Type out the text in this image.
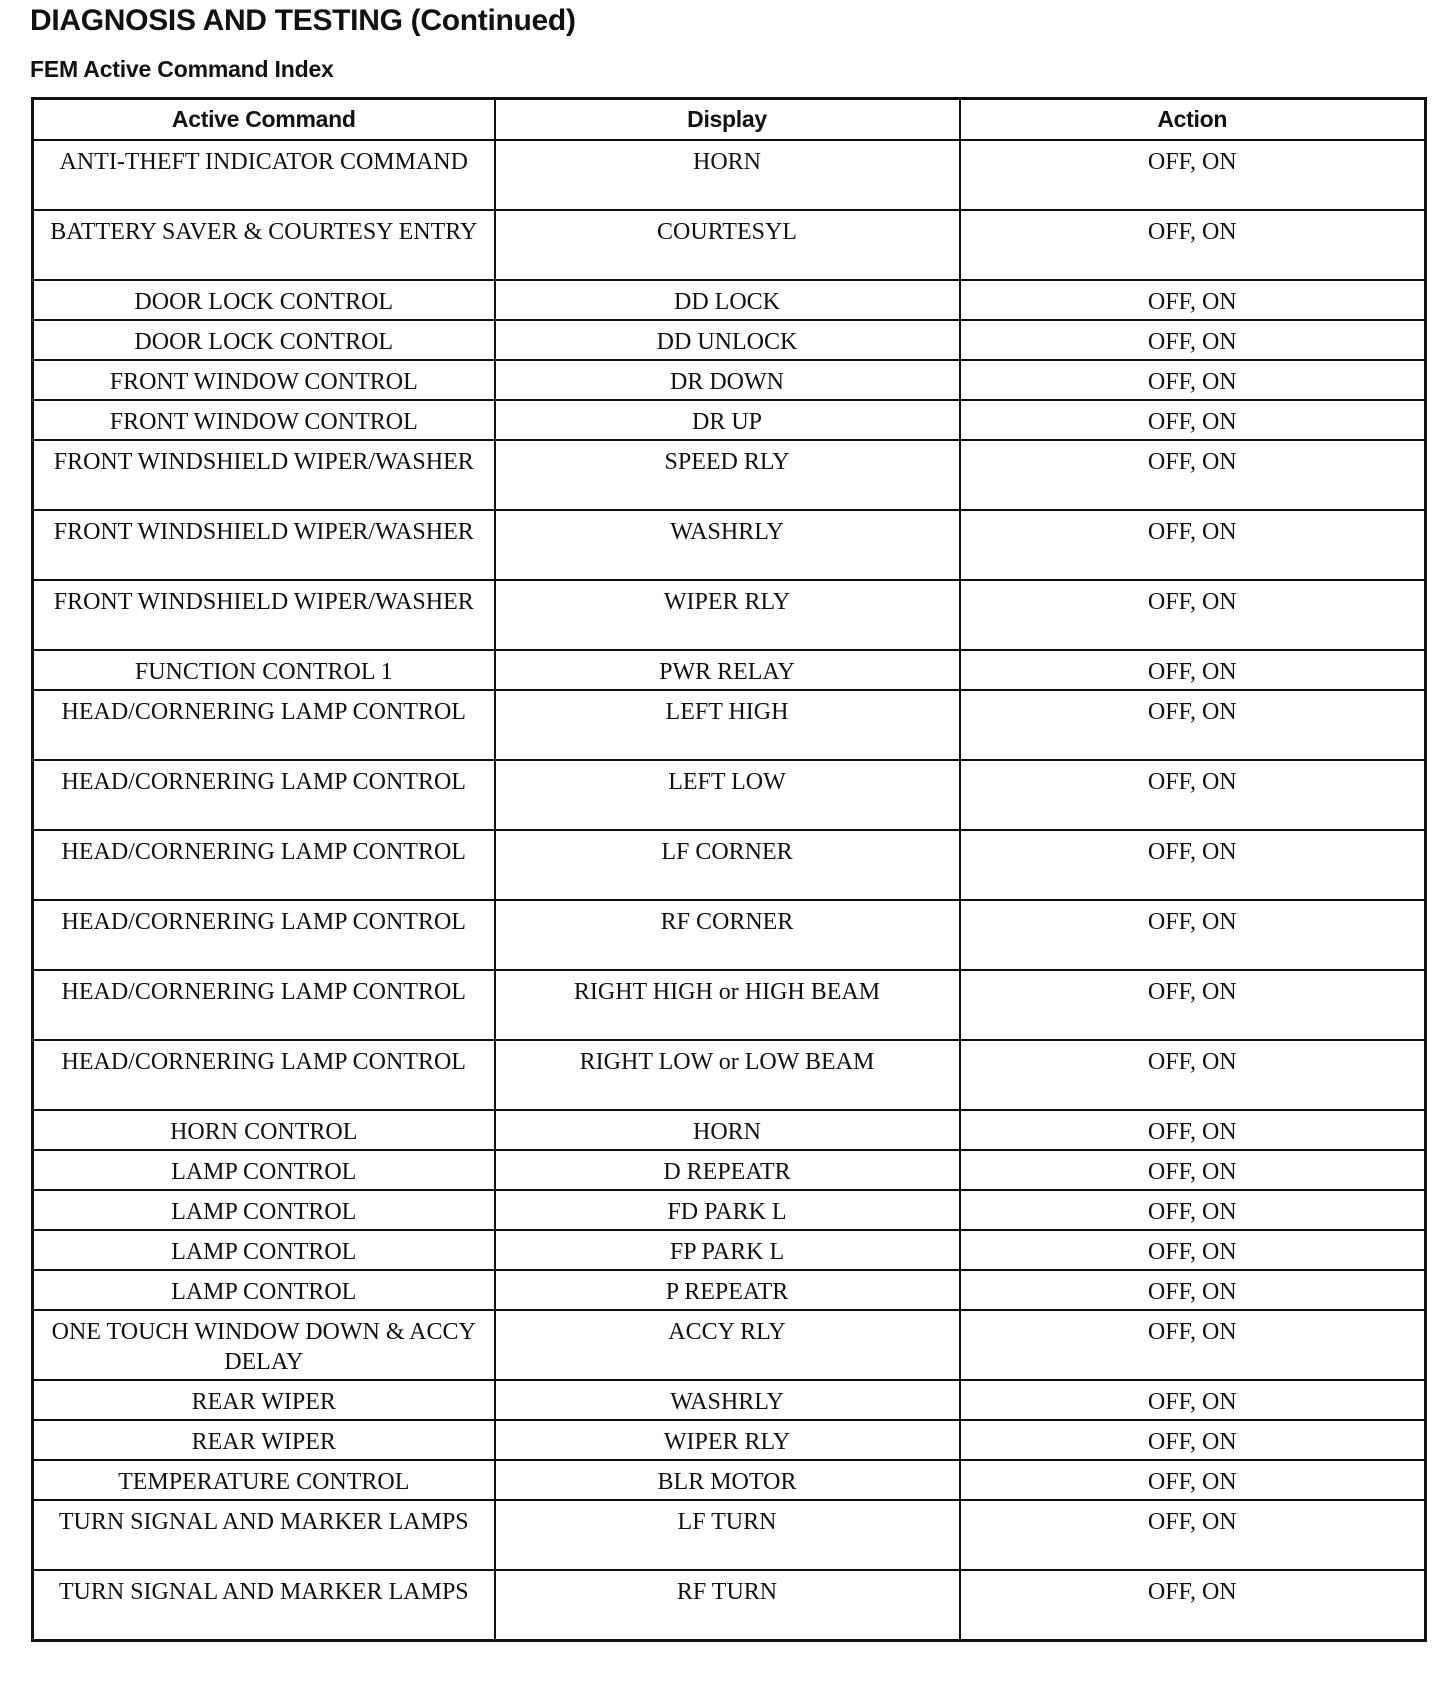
DIAGNOSIS AND TESTING (Continued)
FEM Active Command Index
Active Command	Display	Action
ANTI-THEFT INDICATOR COMMAND	HORN	OFF, ON
BATTERY SAVER & COURTESY ENTRY	COURTESYL	OFF, ON
DOOR LOCK CONTROL	DD LOCK	OFF, ON
DOOR LOCK CONTROL	DD UNLOCK	OFF, ON
FRONT WINDOW CONTROL	DR DOWN	OFF, ON
FRONT WINDOW CONTROL	DR UP	OFF, ON
FRONT WINDSHIELD WIPER/WASHER	SPEED RLY	OFF, ON
FRONT WINDSHIELD WIPER/WASHER	WASHRLY	OFF, ON
FRONT WINDSHIELD WIPER/WASHER	WIPER RLY	OFF, ON
FUNCTION CONTROL 1	PWR RELAY	OFF, ON
HEAD/CORNERING LAMP CONTROL	LEFT HIGH	OFF, ON
HEAD/CORNERING LAMP CONTROL	LEFT LOW	OFF, ON
HEAD/CORNERING LAMP CONTROL	LF CORNER	OFF, ON
HEAD/CORNERING LAMP CONTROL	RF CORNER	OFF, ON
HEAD/CORNERING LAMP CONTROL	RIGHT HIGH or HIGH BEAM	OFF, ON
HEAD/CORNERING LAMP CONTROL	RIGHT LOW or LOW BEAM	OFF, ON
HORN CONTROL	HORN	OFF, ON
LAMP CONTROL	D REPEATR	OFF, ON
LAMP CONTROL	FD PARK L	OFF, ON
LAMP CONTROL	FP PARK L	OFF, ON
LAMP CONTROL	P REPEATR	OFF, ON
ONE TOUCH WINDOW DOWN & ACCY DELAY	ACCY RLY	OFF, ON
REAR WIPER	WASHRLY	OFF, ON
REAR WIPER	WIPER RLY	OFF, ON
TEMPERATURE CONTROL	BLR MOTOR	OFF, ON
TURN SIGNAL AND MARKER LAMPS	LF TURN	OFF, ON
TURN SIGNAL AND MARKER LAMPS	RF TURN	OFF, ON
